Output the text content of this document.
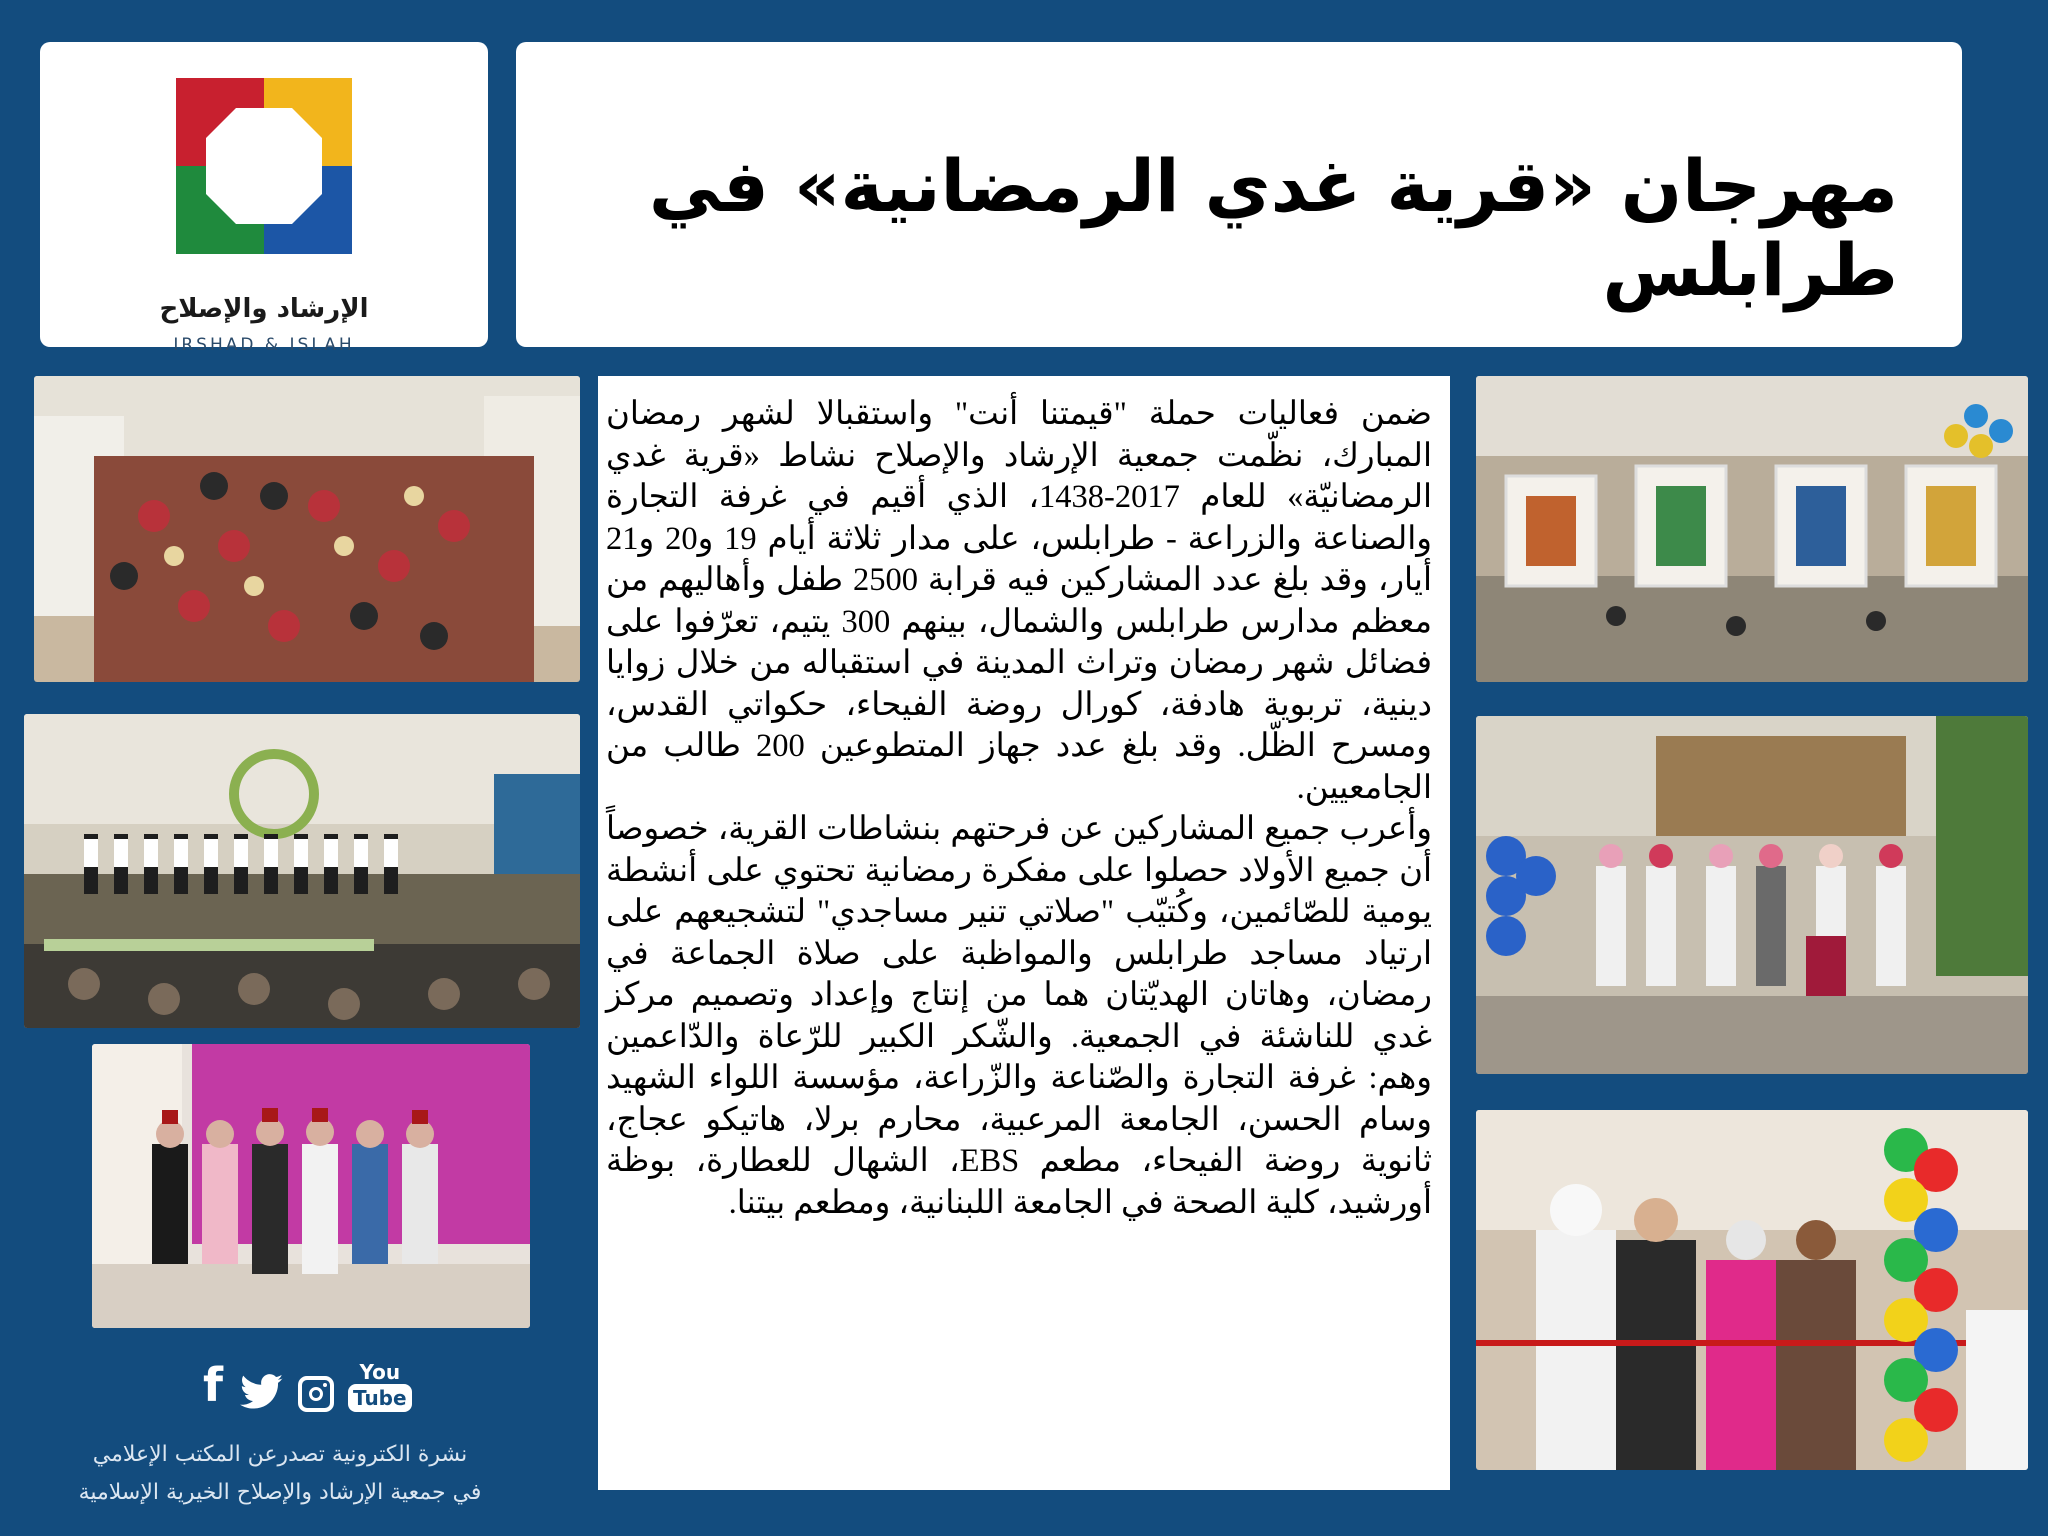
الإرشاد والإصلاح
IRSHAD & ISLAH
مهرجان «قرية غدي الرمضانية» في طرابلس

ضمن فعاليات حملة "قيمتنا أنت" واستقبالا لشهر رمضان المبارك، نظّمت جمعية الإرشاد والإصلاح نشاط «قرية غدي الرمضانيّة» للعام 2017-1438، الذي أقيم في غرفة التجارة والصناعة والزراعة - طرابلس، على مدار ثلاثة أيام 19 و20 و21 أيار، وقد بلغ عدد المشاركين فيه قرابة 2500 طفل وأهاليهم من معظم مدارس طرابلس والشمال، بينهم 300 يتيم، تعرّفوا على فضائل شهر رمضان وتراث المدينة في استقباله من خلال زوايا دينية، تربوية هادفة، كورال روضة الفيحاء، حكواتي القدس، ومسرح الظّل. وقد بلغ عدد جهاز المتطوعين 200 طالب من الجامعيين.

وأعرب جميع المشاركين عن فرحتهم بنشاطات القرية، خصوصاً أن جميع الأولاد حصلوا على مفكرة رمضانية تحتوي على أنشطة يومية للصّائمين، وكُتيّب "صلاتي تنير مساجدي" لتشجيعهم على ارتياد مساجد طرابلس والمواظبة على صلاة الجماعة في رمضان، وهاتان الهديّتان هما من إنتاج وإعداد وتصميم مركز غدي للناشئة في الجمعية. والشّكر الكبير للرّعاة والدّاعمين وهم: غرفة التجارة والصّناعة والزّراعة، مؤسسة اللواء الشهيد وسام الحسن، الجامعة المرعبية، محارم برلا، هاتيكو عجاج، ثانوية روضة الفيحاء، مطعم EBS، الشهال للعطارة، بوظة أورشيد، كلية الصحة في الجامعة اللبنانية، ومطعم بيتنا.

f	You
Tube
نشرة الكترونية تصدرعن المكتب الإعلامي
في جمعية الإرشاد والإصلاح الخيرية الإسلامية
